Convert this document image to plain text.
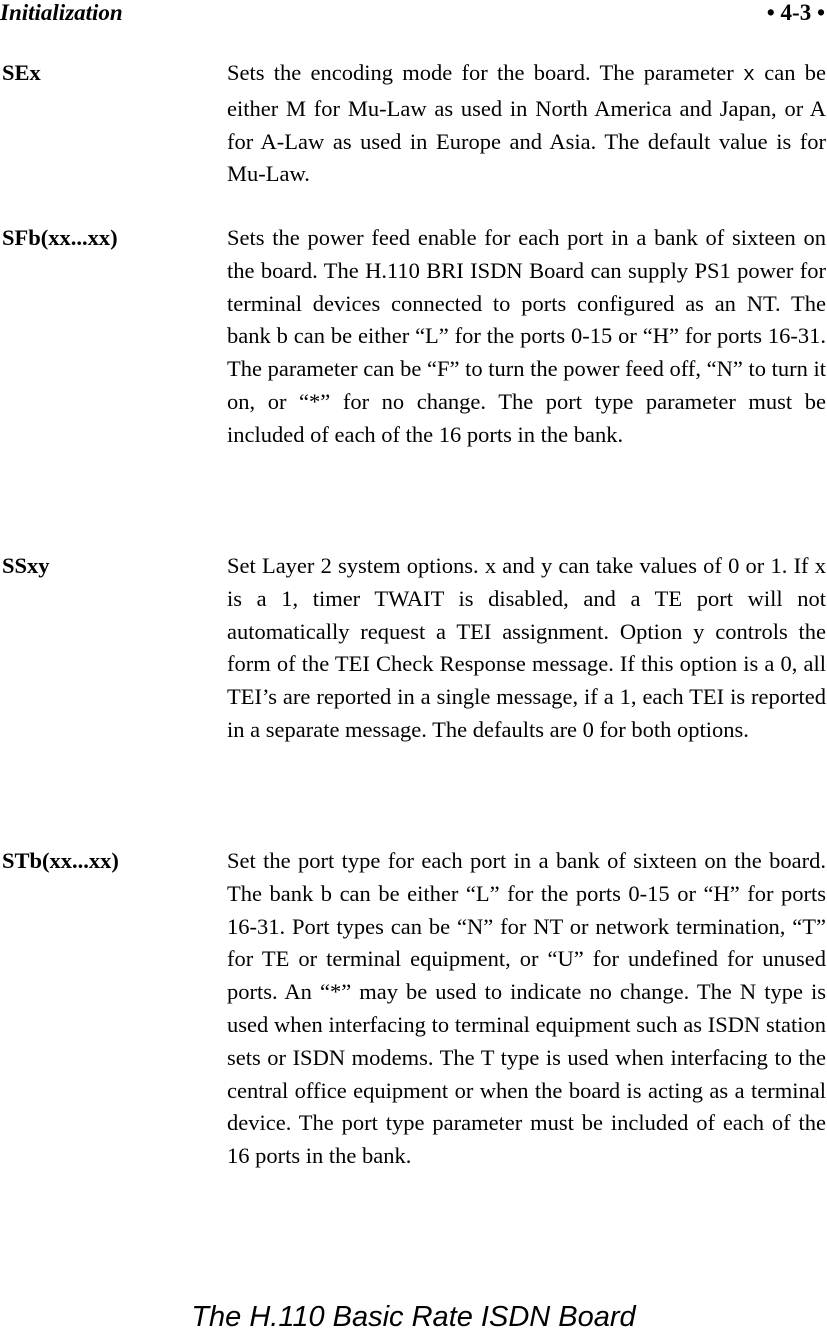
Initialization	• 4-3 •
SEx	Sets the encoding mode for the board. The parameter x can be either M for Mu-Law as used in North America and Japan, or A for A-Law as used in Europe and Asia. The default value is for Mu-Law.
SFb(xx...xx)	Sets the power feed enable for each port in a bank of sixteen on the board. The H.110 BRI ISDN Board can supply PS1 power for terminal devices connected to ports configured as an NT. The bank b can be either “L” for the ports 0-15 or “H” for ports 16-31. The parameter can be “F” to turn the power feed off, “N” to turn it on, or “*” for no change. The port type parameter must be included of each of the 16 ports in the bank.
SSxy	Set Layer 2 system options. x and y can take values of 0 or 1. If x is a 1, timer TWAIT is disabled, and a TE port will not automatically request a TEI assignment. Option y controls the form of the TEI Check Response message. If this option is a 0, all TEI’s are reported in a single message, if a 1, each TEI is reported in a separate message. The defaults are 0 for both options.
STb(xx...xx)	Set the port type for each port in a bank of sixteen on the board. The bank b can be either “L” for the ports 0-15 or “H” for ports 16-31. Port types can be “N” for NT or network termination, “T” for TE or terminal equipment, or “U” for undefined for unused ports. An “*” may be used to indicate no change. The N type is used when interfacing to terminal equipment such as ISDN station sets or ISDN modems. The T type is used when interfacing to the central office equipment or when the board is acting as a terminal device. The port type parameter must be included of each of the 16 ports in the bank.
The H.110 Basic Rate ISDN Board
